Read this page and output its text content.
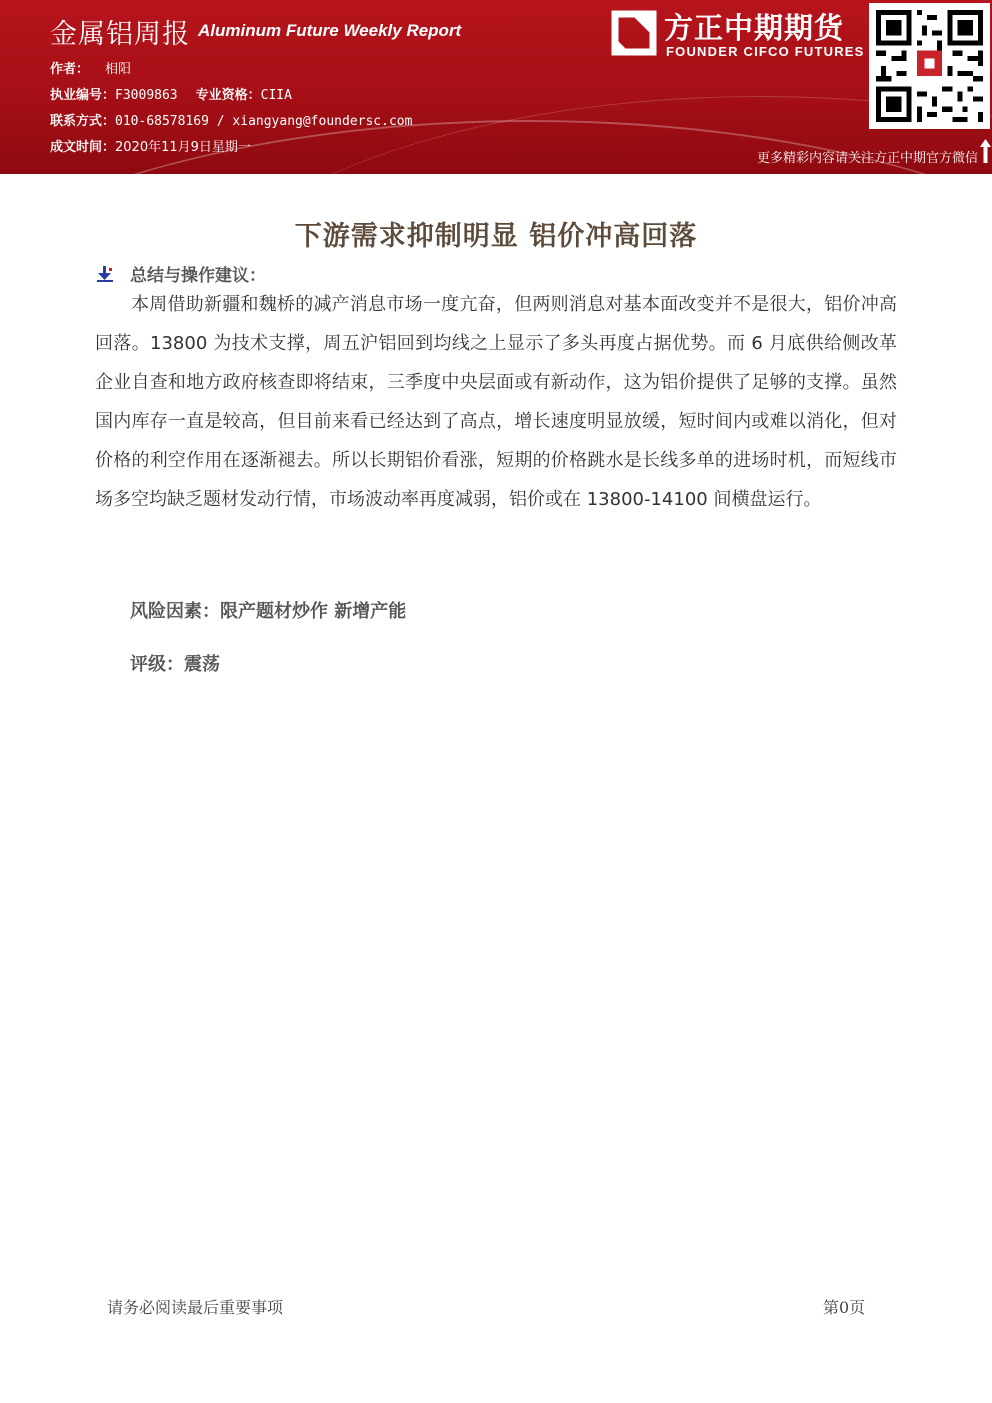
金属铝周报 Aluminum Future Weekly Report
作者： 相阳
执业编号：F3009863 专业资格：CIIA
联系方式：010-68578169 / xiangyang@foundersc.com
成文时间：2020年11月9日星期一
方正中期期货
FOUNDER CIFCO FUTURES
更多精彩内容请关注方正中期官方微信
下游需求抑制明显 铝价冲高回落
总结与操作建议：

本周借助新疆和魏桥的减产消息市场一度亢奋，但两则消息对基本面改变并不是很大，铝价冲高回落。13800 为技术支撑，周五沪铝回到均线之上显示了多头再度占据优势。而 6 月底供给侧改革企业自查和地方政府核查即将结束，三季度中央层面或有新动作，这为铝价提供了足够的支撑。虽然国内库存一直是较高，但目前来看已经达到了高点，增长速度明显放缓，短时间内或难以消化，但对价格的利空作用在逐渐褪去。所以长期铝价看涨，短期的价格跳水是长线多单的进场时机，而短线市场多空均缺乏题材发动行情，市场波动率再度减弱，铝价或在 13800-14100 间横盘运行。

风险因素：限产题材炒作 新增产能
评级：震荡
请务必阅读最后重要事项	第0页
